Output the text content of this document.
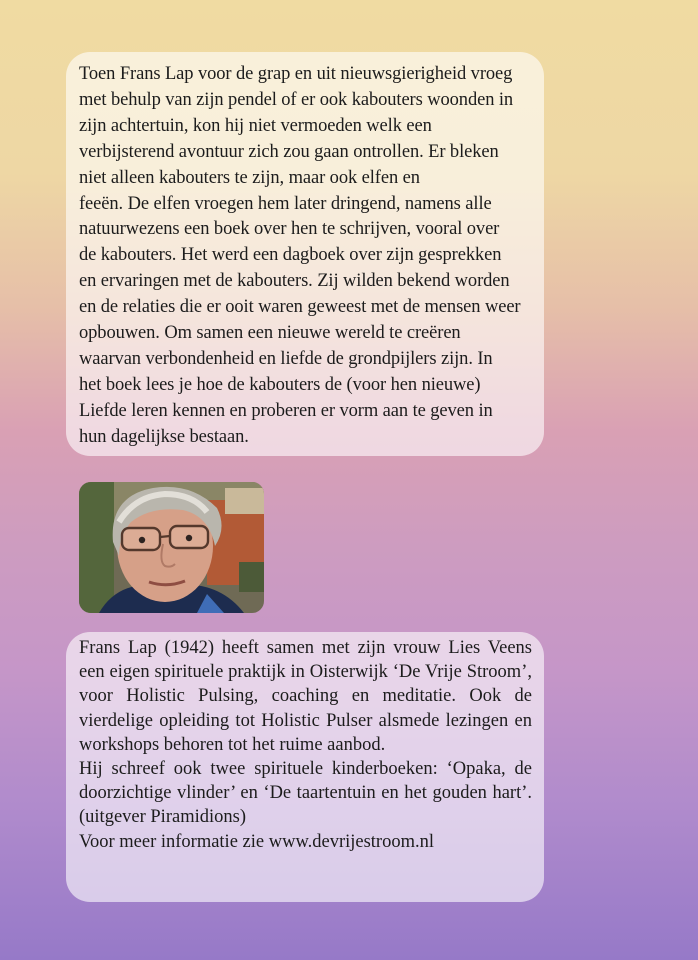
Toen Frans Lap voor de grap en uit nieuwsgierigheid vroeg
met behulp van zijn pendel of er ook kabouters woonden in
zijn achtertuin, kon hij niet vermoeden welk een
verbijsterend avontuur zich zou gaan ontrollen. Er bleken
niet alleen kabouters te zijn, maar ook elfen en
feeën. De elfen vroegen hem later dringend, namens alle
natuurwezens een boek over hen te schrijven, vooral over
de kabouters. Het werd een dagboek over zijn gesprekken
en ervaringen met de kabouters. Zij wilden bekend worden
en de relaties die er ooit waren geweest met de mensen weer
opbouwen. Om samen een nieuwe wereld te creëren
waarvan verbondenheid en liefde de grondpijlers zijn. In
het boek lees je hoe de kabouters de (voor hen nieuwe)
Liefde leren kennen en proberen er vorm aan te geven in
hun dagelijkse bestaan.

Frans Lap (1942) heeft samen met zijn vrouw Lies Veens een eigen spirituele praktijk in Oisterwijk ‘De Vrije Stroom’, voor Holistic Pulsing, coaching en meditatie. Ook de vierdelige opleiding tot Holistic Pulser alsmede lezingen en workshops behoren tot het ruime aanbod.

Hij schreef ook twee spirituele kinderboeken: ‘Opaka, de doorzichtige vlinder’ en ‘De taartentuin en het gouden hart’. (uitgever Piramidions)

Voor meer informatie zie www.devrijestroom.nl
